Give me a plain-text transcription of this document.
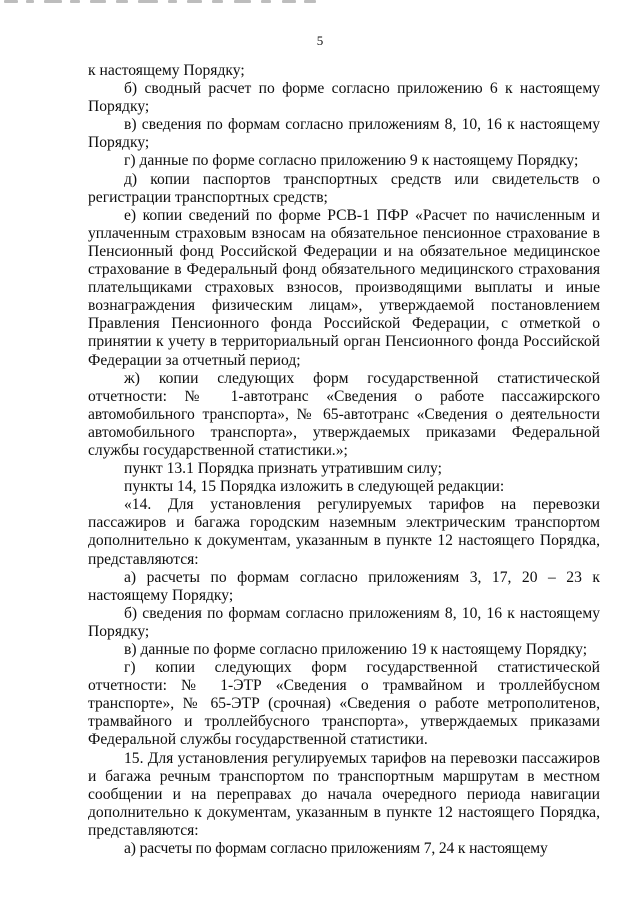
5

к настоящему Порядку;

б) сводный расчет по форме согласно приложению 6 к настоящему Порядку;

в) сведения по формам согласно приложениям 8, 10, 16 к настоящему Порядку;

г) данные по форме согласно приложению 9 к настоящему Порядку;

д) копии паспортов транспортных средств или свидетельств о регистрации транспортных средств;

е) копии сведений по форме РСВ-1 ПФР «Расчет по начисленным и уплаченным страховым взносам на обязательное пенсионное страхование в Пенсионный фонд Российской Федерации и на обязательное медицинское страхование в Федеральный фонд обязательного медицинского страхования плательщиками страховых взносов, производящими выплаты и иные вознаграждения физическим лицам», утверждаемой постановлением Правления Пенсионного фонда Российской Федерации, с отметкой о принятии к учету в территориальный орган Пенсионного фонда Российской Федерации за отчетный период;

ж) копии следующих форм государственной статистической отчетности: № 1-автотранс «Сведения о работе пассажирского автомобильного транспорта», № 65-автотранс «Сведения о деятельности автомобильного транспорта», утверждаемых приказами Федеральной службы государственной статистики.»;

пункт 13.1 Порядка признать утратившим силу;

пункты 14, 15 Порядка изложить в следующей редакции:

«14. Для установления регулируемых тарифов на перевозки пассажиров и багажа городским наземным электрическим транспортом дополнительно к документам, указанным в пункте 12 настоящего Порядка, представляются:

а) расчеты по формам согласно приложениям 3, 17, 20 – 23 к настоящему Порядку;

б) сведения по формам согласно приложениям 8, 10, 16 к настоящему Порядку;

в) данные по форме согласно приложению 19 к настоящему Порядку;

г) копии следующих форм государственной статистической отчетности: № 1-ЭТР «Сведения о трамвайном и троллейбусном транспорте», № 65-ЭТР (срочная) «Сведения о работе метрополитенов, трамвайного и троллейбусного транспорта», утверждаемых приказами Федеральной службы государственной статистики.

15. Для установления регулируемых тарифов на перевозки пассажиров и багажа речным транспортом по транспортным маршрутам в местном сообщении и на переправах до начала очередного периода навигации дополнительно к документам, указанным в пункте 12 настоящего Порядка, представляются:

а) расчеты по формам согласно приложениям 7, 24 к настоящему
